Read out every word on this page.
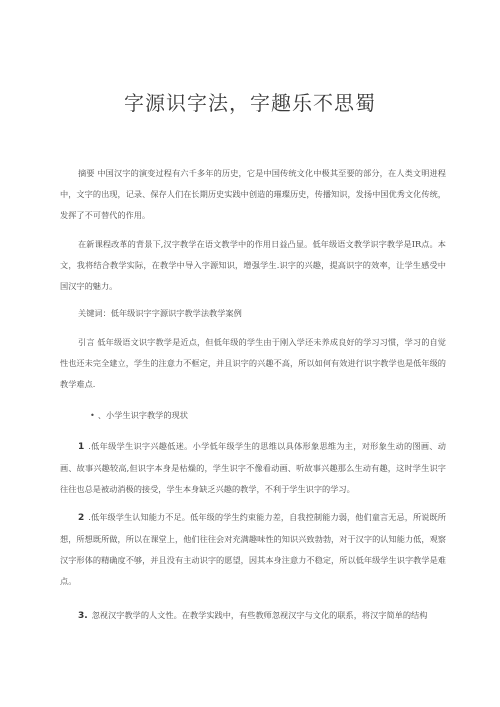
字源识字法，字趣乐不思蜀
摘要 中国汉字的演变过程有六千多年的历史，它是中国传统文化中极其至要的部分，在人类文明进程中，文字的出现，记录、保存人们在长期历史实践中创造的璀璨历史，传播知识，发扬中国优秀文化传统，发挥了不可替代的作用。
在新课程改革的背景下,汉字教学在语文教学中的作用日益凸显。低年级语文教学识字教学是IR点。本文，我将结合教学实际，在教学中导入字源知识，增强学生.识字的兴趣，提高识字的效率，让学生感受中国汉字的魅力。
关键词：低年级识字字源识字教学法教学案例
引言 低年级语文识字教学是近点，但低年级的学生由于刚入学还未养成良好的学习习惯，学习的自觉性也还未完全建立，学生的注意力不框定，并且识字的兴趣不高，所以如何有效进行识字教学也是低年级的教学难点.
• 、小学生识字教学的现状
1 .低年级学生识字兴趣低迷。小学低年级学生的思维以具体形象思维为主，对形象生动的图画、动画、故事兴趣较高,但识字本身是枯燥的，学生识字不像看动画、听故事兴趣那么生动有趣，这时学生识字往往也总是被动消极的接受，学生本身缺乏兴趣的教学，不利于学生识字的学习。
2 .低年级学生认知能力不足。低年级的学生约束能力差，自我控制能力弱，他们童言无忌，所说既所想，所想既所做，所以在课堂上，他们往往会对充满趣味性的知识兴致勃勃，对于汉字的认知能力低，观察汉字形体的精确度不够，并且没有主动识字的愿望，因其本身注意力不稳定，所以低年级学生识字教学是难点。
3. 忽视汉字教学的人文性。在教学实践中，有些教师忽视汉字与文化的联系，将汉字简单的结构
